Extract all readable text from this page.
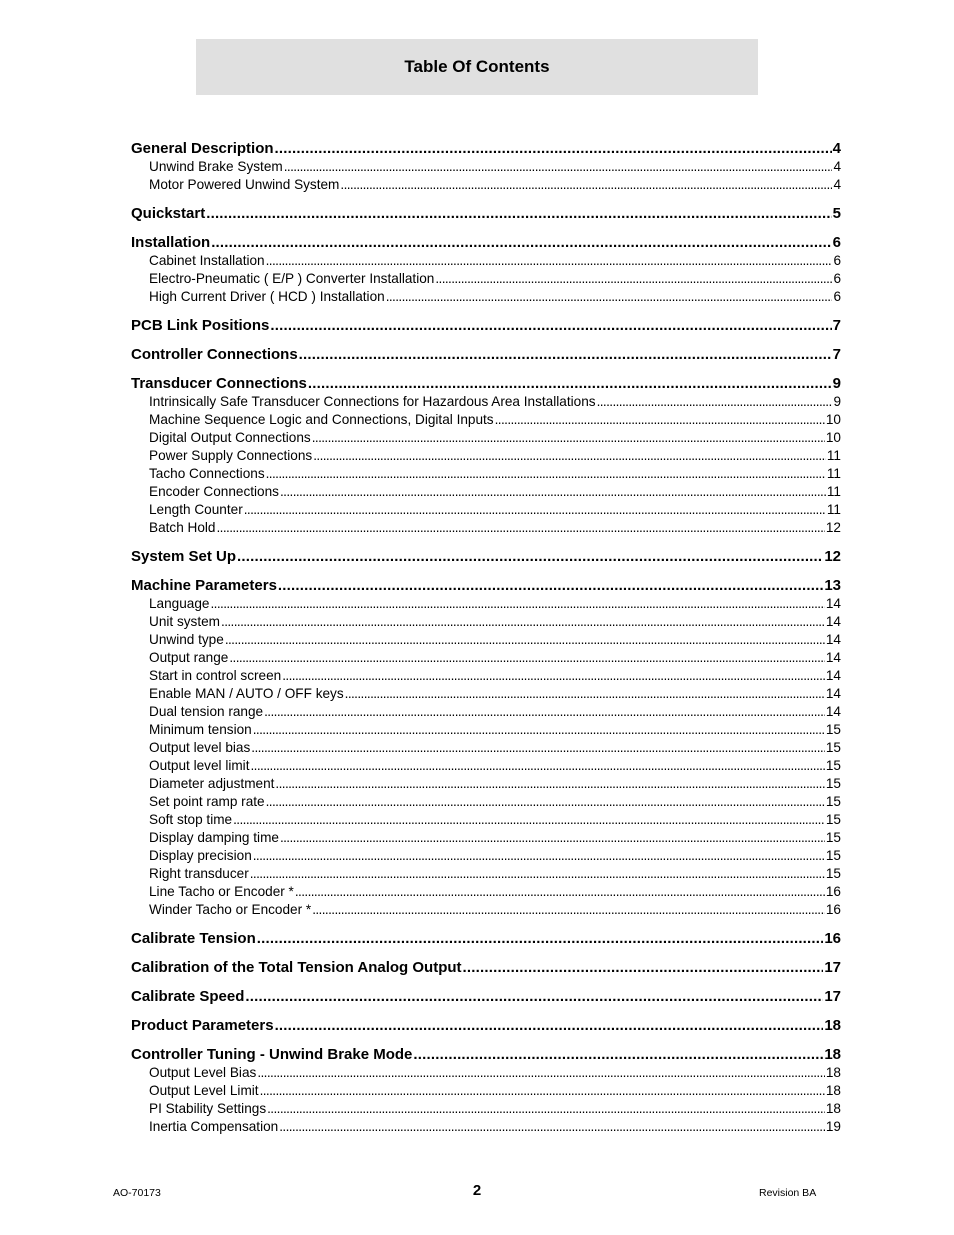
Table Of Contents
General Description .....	4
Unwind Brake System .....	4
Motor Powered Unwind System .....	4
Quickstart .....	5
Installation .....	6
Cabinet Installation .....	6
Electro-Pneumatic ( E/P ) Converter Installation .....	6
High Current Driver ( HCD ) Installation .....	6
PCB Link Positions .....	7
Controller Connections .....	7
Transducer Connections .....	9
Intrinsically Safe Transducer Connections for Hazardous Area Installations .....	9
Machine Sequence Logic and Connections, Digital Inputs .....	10
Digital Output Connections .....	10
Power Supply Connections .....	11
Tacho Connections .....	11
Encoder Connections .....	11
Length Counter .....	11
Batch Hold .....	12
System Set Up .....	12
Machine Parameters .....	13
Language .....	14
Unit system .....	14
Unwind type .....	14
Output range .....	14
Start in control screen .....	14
Enable MAN / AUTO / OFF keys .....	14
Dual tension range .....	14
Minimum tension .....	15
Output level bias .....	15
Output level limit .....	15
Diameter adjustment .....	15
Set point ramp rate .....	15
Soft stop time .....	15
Display damping time .....	15
Display precision .....	15
Right transducer .....	15
Line Tacho or Encoder * .....	16
Winder Tacho or Encoder * .....	16
Calibrate Tension .....	16
Calibration of the Total Tension Analog Output .....	17
Calibrate Speed .....	17
Product Parameters .....	18
Controller Tuning - Unwind Brake Mode .....	18
Output Level Bias .....	18
Output Level Limit .....	18
PI Stability Settings .....	18
Inertia Compensation .....	19
AO-70173	2	Revision BA
